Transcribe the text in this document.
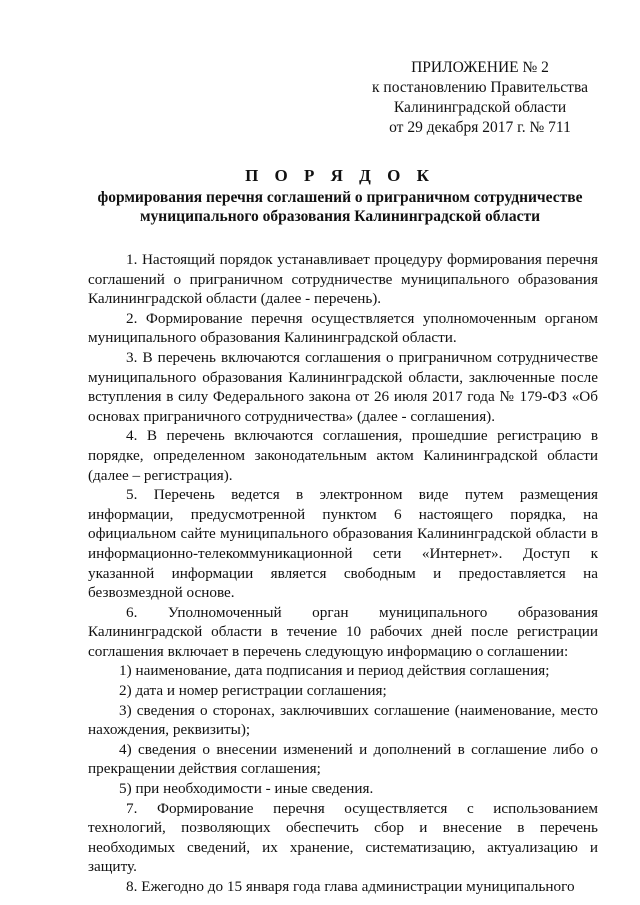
ПРИЛОЖЕНИЕ № 2
к постановлению Правительства
Калининградской области
от 29 декабря 2017 г. № 711
П О Р Я Д О К
формирования перечня соглашений о приграничном сотрудничестве
муниципального образования Калининградской области

1. Настоящий порядок устанавливает процедуру формирования перечня соглашений о приграничном сотрудничестве муниципального образования Калининградской области (далее - перечень).

2. Формирование перечня осуществляется уполномоченным органом муниципального образования Калининградской области.

3. В перечень включаются соглашения о приграничном сотрудничестве муниципального образования Калининградской области, заключенные после вступления в силу Федерального закона от 26 июля 2017 года № 179-ФЗ «Об основах приграничного сотрудничества» (далее - соглашения).

4. В перечень включаются соглашения, прошедшие регистрацию в порядке, определенном законодательным актом Калининградской области (далее – регистрация).

5. Перечень ведется в электронном виде путем размещения информации, предусмотренной пунктом 6 настоящего порядка, на официальном сайте муниципального образования Калининградской области в информационно-телекоммуникационной сети «Интернет». Доступ к указанной информации является свободным и предоставляется на безвозмездной основе.

6. Уполномоченный орган муниципального образования Калининградской области в течение 10 рабочих дней после регистрации соглашения включает в перечень следующую информацию о соглашении:

1) наименование, дата подписания и период действия соглашения;

2) дата и номер регистрации соглашения;

3) сведения о сторонах, заключивших соглашение (наименование, место нахождения, реквизиты);

4) сведения о внесении изменений и дополнений в соглашение либо о прекращении действия соглашения;

5) при необходимости - иные сведения.

7. Формирование перечня осуществляется с использованием технологий, позволяющих обеспечить сбор и внесение в перечень необходимых сведений, их хранение, систематизацию, актуализацию и защиту.

8. Ежегодно до 15 января года глава администрации муниципального
